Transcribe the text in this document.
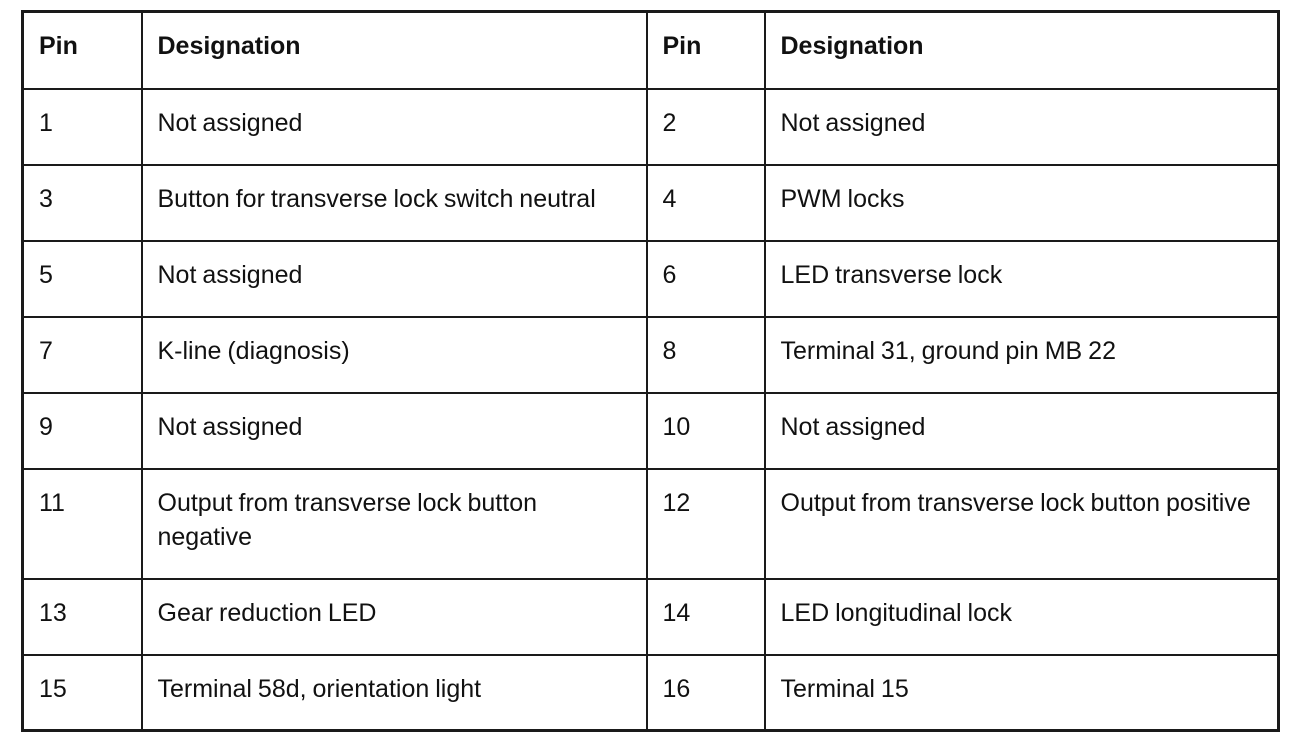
Pin	Designation	Pin	Designation
1	Not assigned	2	Not assigned
3	Button for transverse lock switch neutral	4	PWM locks
5	Not assigned	6	LED transverse lock
7	K-line (diagnosis)	8	Terminal 31, ground pin MB 22
9	Not assigned	10	Not assigned
11	Output from transverse lock button negative	12	Output from transverse lock button positive
13	Gear reduction LED	14	LED longitudinal lock
15	Terminal 58d, orientation light	16	Terminal 15
